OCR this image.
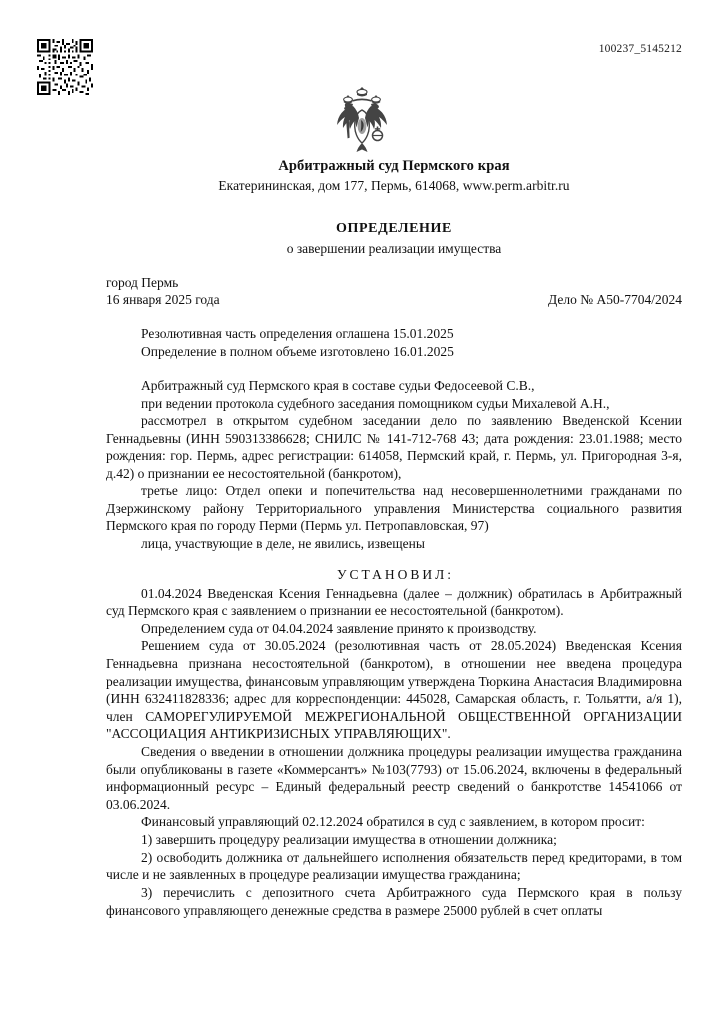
100237_5145212
Арбитражный суд Пермского края
Екатерининская, дом 177, Пермь, 614068, www.perm.arbitr.ru
ОПРЕДЕЛЕНИЕ
о завершении реализации имущества
город Пермь
16 января 2025 года	Дело № А50-7704/2024

Резолютивная часть определения оглашена 15.01.2025

Определение в полном объеме изготовлено 16.01.2025

Арбитражный суд Пермского края в составе судьи Федосеевой С.В.,

при ведении протокола судебного заседания помощником судьи Михалевой А.Н.,

рассмотрел в открытом судебном заседании дело по заявлению Введенской Ксении Геннадьевны (ИНН 590313386628; СНИЛС № 141-712-768 43; дата рождения: 23.01.1988; место рождения: гор. Пермь, адрес регистрации: 614058, Пермский край, г. Пермь, ул. Пригородная 3-я, д.42) о признании ее несостоятельной (банкротом),

третье лицо: Отдел опеки и попечительства над несовершеннолетними гражданами по Дзержинскому району Территориального управления Министерства социального развития Пермского края по городу Перми (Пермь ул. Петропавловская, 97)

лица, участвующие в деле, не явились, извещены

УСТАНОВИЛ:

01.04.2024 Введенская Ксения Геннадьевна (далее – должник) обратилась в Арбитражный суд Пермского края с заявлением о признании ее несостоятельной (банкротом).

Определением суда от 04.04.2024 заявление принято к производству.

Решением суда от 30.05.2024 (резолютивная часть от 28.05.2024) Введенская Ксения Геннадьевна признана несостоятельной (банкротом), в отношении нее введена процедура реализации имущества, финансовым управляющим утверждена Тюркина Анастасия Владимировна (ИНН 632411828336; адрес для корреспонденции: 445028, Самарская область, г. Тольятти, а/я 1), член САМОРЕГУЛИРУЕМОЙ МЕЖРЕГИОНАЛЬНОЙ ОБЩЕСТВЕННОЙ ОРГАНИЗАЦИИ "АССОЦИАЦИЯ АНТИКРИЗИСНЫХ УПРАВЛЯЮЩИХ".

Сведения о введении в отношении должника процедуры реализации имущества гражданина были опубликованы в газете «Коммерсантъ» №103(7793) от 15.06.2024, включены в федеральный информационный ресурс – Единый федеральный реестр сведений о банкротстве 14541066 от 03.06.2024.

Финансовый управляющий 02.12.2024 обратился в суд с заявлением, в котором просит:

1) завершить процедуру реализации имущества в отношении должника;

2) освободить должника от дальнейшего исполнения обязательств перед кредиторами, в том числе и не заявленных в процедуре реализации имущества гражданина;

3) перечислить с депозитного счета Арбитражного суда Пермского края в пользу финансового управляющего денежные средства в размере 25000 рублей в счет оплаты
